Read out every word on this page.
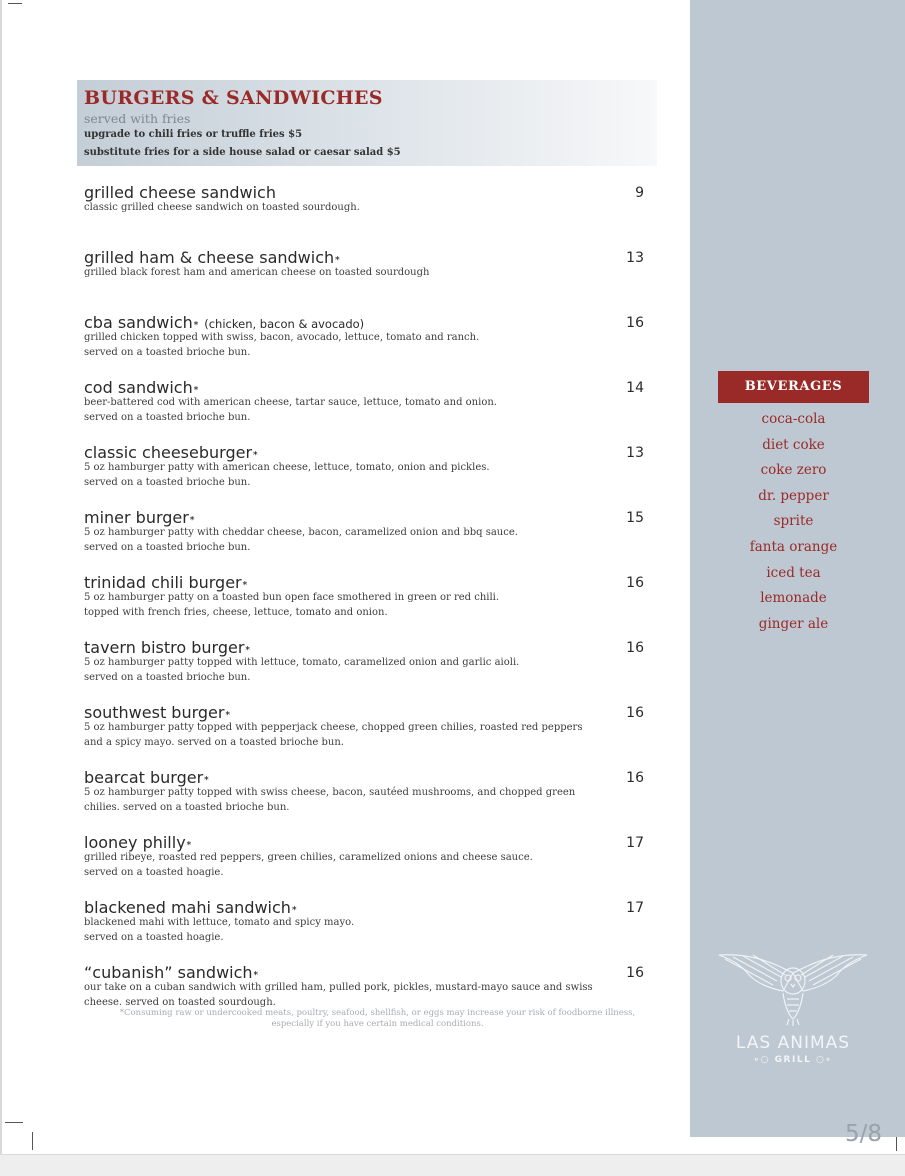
BURGERS & SANDWICHES
served with fries
upgrade to chili fries or truffle fries $5
substitute fries for a side house salad or caesar salad $5
grilled cheese sandwich	9
classic grilled cheese sandwich on toasted sourdough.
grilled ham & cheese sandwich *	13
grilled black forest ham and american cheese on toasted sourdough
cba sandwich * (chicken, bacon & avocado)	16
grilled chicken topped with swiss, bacon, avocado, lettuce, tomato and ranch.
served on a toasted brioche bun.
cod sandwich *	14
beer-battered cod with american cheese, tartar sauce, lettuce, tomato and onion.
served on a toasted brioche bun.
classic cheeseburger *	13
5 oz hamburger patty with american cheese, lettuce, tomato, onion and pickles.
served on a toasted brioche bun.
miner burger *	15
5 oz hamburger patty with cheddar cheese, bacon, caramelized onion and bbq sauce.
served on a toasted brioche bun.
trinidad chili burger *	16
5 oz hamburger patty on a toasted bun open face smothered in green or red chili.
topped with french fries, cheese, lettuce, tomato and onion.
tavern bistro burger *	16
5 oz hamburger patty topped with lettuce, tomato, caramelized onion and garlic aioli.
served on a toasted brioche bun.
southwest burger *	16
5 oz hamburger patty topped with pepperjack cheese, chopped green chilies, roasted red peppers
and a spicy mayo. served on a toasted brioche bun.
bearcat burger *	16
5 oz hamburger patty topped with swiss cheese, bacon, sautéed mushrooms, and chopped green
chilies. served on a toasted brioche bun.
looney philly *	17
grilled ribeye, roasted red peppers, green chilies, caramelized onions and cheese sauce.
served on a toasted hoagie.
blackened mahi sandwich *	17
blackened mahi with lettuce, tomato and spicy mayo.
served on a toasted hoagie.
“cubanish” sandwich *	16
our take on a cuban sandwich with grilled ham, pulled pork, pickles, mustard-mayo sauce and swiss
cheese. served on toasted sourdough.
*Consuming raw or undercooked meats, poultry, seafood, shellfish, or eggs may increase your risk of foodborne illness,
especially if you have certain medical conditions.
BEVERAGES
coca-cola
diet coke
coke zero
dr. pepper
sprite
fanta orange
iced tea
lemonade
ginger ale
LAS ANIMAS
∘○ GRILL ○∘
5/8
